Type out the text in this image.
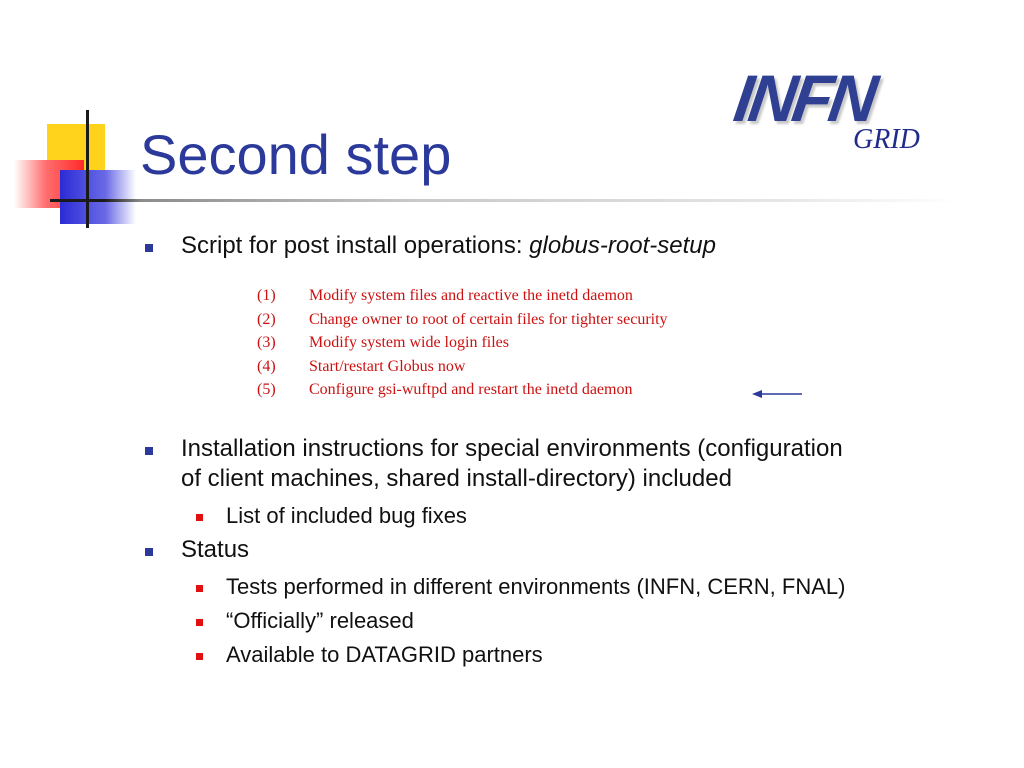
Second step
INFN
GRID
Script for post install operations: globus-root-setup
(1) Modify system files and reactive the inetd daemon
(2) Change owner to root of certain files for tighter security
(3) Modify system wide login files
(4) Start/restart Globus now
(5) Configure gsi-wuftpd and restart the inetd daemon
Installation instructions for special environments (configuration
of client machines, shared install-directory) included
List of included bug fixes
Status
Tests performed in different environments (INFN, CERN, FNAL)
“Officially” released
Available to DATAGRID partners
